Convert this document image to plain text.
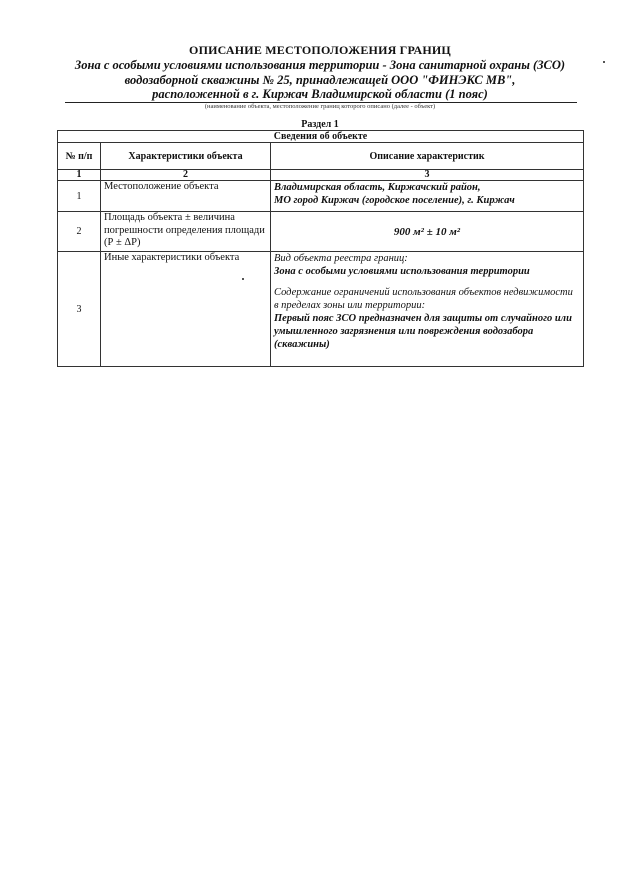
ОПИСАНИЕ МЕСТОПОЛОЖЕНИЯ ГРАНИЦ
Зона с особыми условиями использования территории - Зона санитарной охраны (ЗСО)
водозаборной скважины № 25, принадлежащей ООО "ФИНЭКС МВ",
расположенной в г. Киржач Владимирской области (1 пояс)
(наименование объекта, местоположение границ которого описано (далее - объект)
Раздел 1
Сведения об объекте		
№ п/п	Характеристики объекта	Описание характеристик
1	2	3
1	Местоположение объекта	Владимирская область, Киржачский район,
МО город Киржач (городское поселение), г. Киржач

2	Площадь объекта ± величина погрешности определения площади (Р ± ΔР)	900 м² ± 10 м²
3	Иные характеристики объекта	Вид объекта реестра границ:
Зона с особыми условиями использования территории
Содержание ограничений использования объектов недвижимости в пределах зоны или территории:
Первый пояс ЗСО предназначен для защиты от случайного или умышленного загрязнения или повреждения водозабора (скважины)
